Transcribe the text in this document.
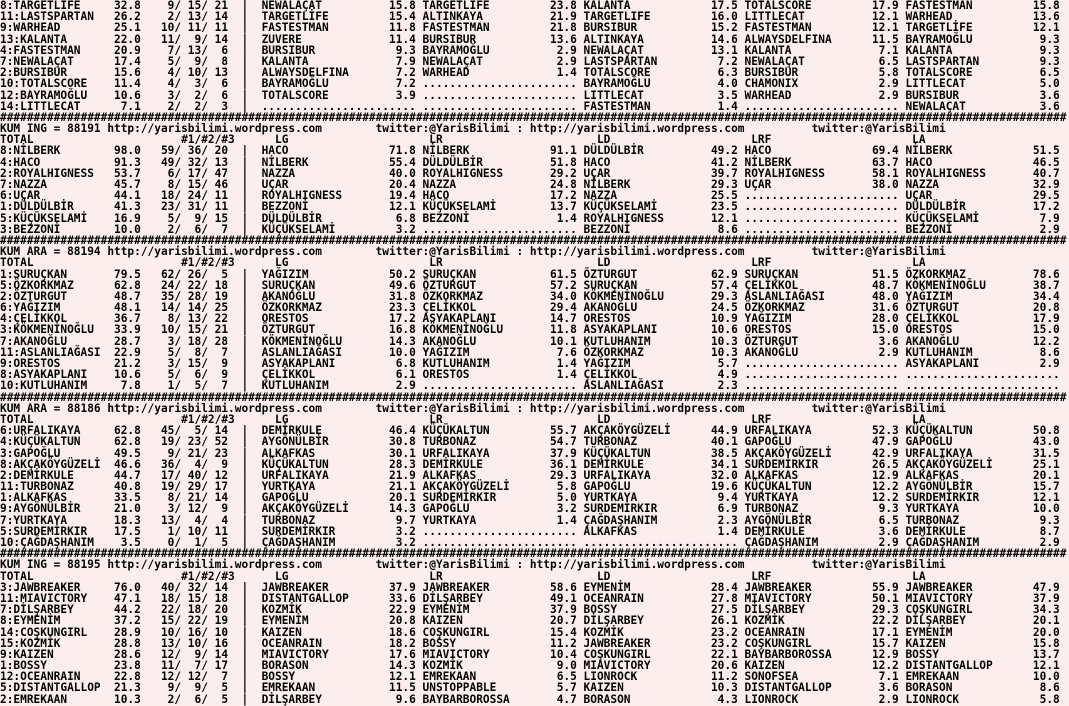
8:TARGETLIFE     32.8    9/ 15/ 21  |  NEWALAÇAT          15.8 TARGETLIFE         23.8 KALANTA            17.5 TOTALSCORE         17.9 FASTESTMAN         15.8
11:LASTSPARTAN   26.2    2/ 13/ 14  |  TARGETLİFE         15.4 ALTINKAYA          21.9 TARGETLIFE         16.0 LITTLECAT          12.1 WARHEAD            13.6
9:WARHEAD        25.1   10/ 11/ 11  |  FASTESTMAN         11.8 FASTESTMAN         21.8 BURSIBUR           15.2 FASTESTMAN         12.1 TARGETLİFE         12.1
13:KALANTA       22.0   11/  9/ 14  |  ZUVERE             11.4 BURSIBUR           13.6 ALTINKAYA          14.6 ALWAYSDELFINA      11.5 BAYRAMOĞLU          9.3
4:FASTESTMAN     20.9    7/ 13/  6  |  BURSIBUR            9.3 BAYRAMOĞLU          2.9 NEWALAÇAT          13.1 KALANTA             7.1 KALANTA             9.3
7:NEWALAÇAT      17.4    5/  9/  8  |  KALANTA             7.9 NEWALAÇAT           2.9 LASTSPARTAN         7.2 NEWALAÇAT           6.5 LASTSPARTAN         9.3
2:BURSIBUR       15.6    4/ 10/ 13  |  ALWAYSDELFINA       7.2 WARHEAD             1.4 TOTALSCORE          6.3 BURSIBUR            5.8 TOTALSCORE          6.5
10:TOTALSCORE    11.4    4/  3/  6  |  BAYRAMOĞLU          7.2 ....................... BAYRAMOĞLU          4.0 CHAMONIX            2.9 LITTLECAT           5.0
12:BAYRAMOĞLU    10.6    3/  2/  6  |  TOTALSCORE          3.9 ....................... LITTLECAT           3.5 WARHEAD             2.9 BURSIBUR            3.6
14:LITTLECAT      7.1    2/  2/  3  |  ....................... ....................... FASTESTMAN          1.4 ....................... NEWALAÇAT           3.6
###############################################################################################################################################################
KUM ING = 88191 http://yarisbilimi.wordpress.com        twitter:@YarisBilimi : http://yarisbilimi.wordpress.com          twitter:@YarisBilimi
TOTAL                      #1/#2/#3      LG                     LR                       LD                     LRF                     LA
8:NİLBERK        98.0   59/ 36/ 20  |  HACO               71.8 NİLBERK            91.1 DÜLDÜLBİR          49.2 HACO               69.4 NİLBERK            51.5
4:HACO           91.3   49/ 32/ 13  |  NİLBERK            55.4 DÜLDÜLBİR          51.8 HACO               41.2 NİLBERK            63.7 HACO               46.5
2:ROYALHIGNESS   53.7    6/ 17/ 47  |  NAZZA              40.0 ROYALHIGNESS       29.2 UÇAR               39.7 ROYALHIGNESS       58.1 ROYALHIGNESS       40.7
7:NAZZA          45.7    8/ 15/ 46  |  UÇAR               20.4 NAZZA              24.8 NİLBERK            29.3 UÇAR               38.0 NAZZA              32.9
6:UÇAR           44.1   18/ 24/ 11  |  ROYALHIGNESS       19.4 HACO               17.2 NAZZA              25.5 ....................... UÇAR               29.5
1:DÜLDÜLBİR      41.3   23/ 31/ 11  |  BEZZONİ            12.1 KÜÇÜKSELAMİ        13.7 KÜÇÜKSELAMİ        23.5 ....................... DÜLDÜLBİR          17.2
5:KÜÇÜKSELAMİ    16.9    5/  9/ 15  |  DÜLDÜLBİR           6.8 BEZZONİ             1.4 ROYALHIGNESS       12.1 ....................... KÜÇÜKSELAMİ         7.9
3:BEZZONİ        10.0    2/  6/  7  |  KÜÇÜKSELAMİ         3.2 ....................... BEZZONİ             8.6 ....................... BEZZONİ             2.9
###############################################################################################################################################################
KUM ARA = 88194 http://yarisbilimi.wordpress.com        twitter:@YarisBilimi : http://yarisbilimi.wordpress.com          twitter:@YarisBilimi
TOTAL                      #1/#2/#3      LG                     LR                       LD                     LRF                     LA
1:SURUÇKAN       79.5   62/ 26/  5  |  YAĞIZIM            50.2 SURUÇKAN           61.5 ÖZTURGUT           62.9 SURUÇKAN           51.5 ÖZKORKMAZ          78.6
5:ÖZKORKMAZ      62.8   24/ 22/ 18  |  SURUÇKAN           49.6 ÖZTURGUT           57.2 SURUÇKAN           57.4 ÇELİKKOL           48.7 KÖKMENİNOĞLU       38.7
2:ÖZTURGUT       48.7   35/ 28/ 19  |  AKANOĞLU           31.8 ÖZKORKMAZ          34.0 KÖKMENİNOĞLU       29.3 ASLANLIAĞASI       48.0 YAĞIZIM            34.4
6:YAĞIZIM        48.1   14/ 14/ 25  |  ÖZKORKMAZ          23.3 ÇELİKKOL           29.4 AKANOĞLU           24.5 ÖZKORKMAZ          31.6 ÖZTURGUT           20.8
4:ÇELİKKOL       36.7    8/ 13/ 22  |  ORESTOS            17.2 ASYAKAPLANI        14.7 ORESTOS            10.9 YAĞIZIM            28.0 ÇELİKKOL           17.9
3:KÖKMENİNOĞLU   33.9   10/ 15/ 21  |  ÖZTURGUT           16.8 KÖKMENİNOĞLU       11.8 ASYAKAPLANI        10.6 ORESTOS            15.0 ORESTOS            15.0
7:AKANOĞLU       28.7    3/ 18/ 28  |  KÖKMENİNOĞLU       14.3 AKANOĞLU           10.1 KUTLUHANIM         10.3 ÖZTURGUT            3.6 AKANOĞLU           12.2
11:ASLANLIAĞASI  22.9    5/  8/  7  |  ASLANLIAĞASI       10.0 YAĞIZIM             7.6 ÖZKORKMAZ          10.3 AKANOĞLU            2.9 KUTLUHANIM          8.6
9:ORESTOS        21.2    3/ 15/  9  |  ASYAKAPLANI         6.8 KUTLUHANIM          1.4 YAĞIZIM             5.7 ....................... ASYAKAPLANI         2.9
8:ASYAKAPLANI    10.6    5/  6/  9  |  ÇELİKKOL            6.1 ORESTOS             1.4 ÇELİKKOL            4.9 ....................... .......................
10:KUTLUHANIM     7.8    1/  5/  7  |  KUTLUHANIM          2.9 ....................... ASLANLIAĞASI        2.3 ....................... .......................
###############################################################################################################################################################
KUM ARA = 88186 http://yarisbilimi.wordpress.com        twitter:@YarisBilimi : http://yarisbilimi.wordpress.com          twitter:@YarisBilimi
TOTAL                      #1/#2/#3      LG                     LR                       LD                     LRF                     LA
6:URFALIKAYA     62.8   45/  5/ 14  |  DEMİRKULE          46.4 KÜÇÜKALTUN         55.7 AKÇAKÖYGÜZELİ      44.9 URFALIKAYA         52.3 KÜÇÜKALTUN         50.8
4:KÜÇÜKALTUN     62.8   19/ 23/ 52  |  AYGÖNÜLBİR         30.8 TURBONAZ           54.7 TURBONAZ           40.1 GAPOĞLU            47.9 GAPOĞLU            43.0
3:GAPOĞLU        49.5    9/ 21/ 23  |  ALKAFKAS           30.1 URFALIKAYA         37.9 KÜÇÜKALTUN         38.5 AKÇAKÖYGÜZELİ      42.9 URFALIKAYA         31.5
8:AKÇAKÖYGÜZELİ  46.6   36/  4/  9  |  KÜÇÜKALTUN         28.3 DEMİRKULE          36.1 DEMİRKULE          34.1 SURDEMİRKIR        26.5 AKÇAKÖYGÜZELİ      25.1
2:DEMİRKULE      44.7   17/ 40/ 12  |  URFALIKAYA         21.9 ALKAFKAS           29.3 URFALIKAYA         32.0 ALKAFKAS           12.9 ALKAFKAS           20.1
11:TURBONAZ      40.8   19/ 29/ 17  |  YURTKAYA           21.1 AKÇAKÖYGÜZELİ       5.8 GAPOĞLU            19.6 KÜÇÜKALTUN         12.2 AYGÖNÜLBİR         15.7
1:ALKAFKAS       33.5    8/ 21/ 14  |  GAPOĞLU            20.1 SURDEMİRKIR         5.0 YURTKAYA            9.4 YURTKAYA           12.2 SURDEMİRKIR        12.1
9:AYGÖNÜLBİR     21.0    3/ 12/  9  |  AKÇAKÖYGÜZELİ      14.3 GAPOĞLU             3.2 SURDEMİRKIR         6.9 TURBONAZ            9.3 YURTKAYA           10.0
7:YURTKAYA       18.3   13/  4/  4  |  TURBONAZ            9.7 YURTKAYA            1.4 ÇAĞDAŞHANIM         2.3 AYGÖNÜLBİR          6.5 TURBONAZ            9.3
5:SURDEMİRKIR    17.5    1/ 10/ 11  |  SURDEMİRKIR         3.2 ....................... ALKAFKAS            1.4 DEMİRKULE           3.6 DEMİRKULE           8.7
10:ÇAĞDAŞHANIM    3.5    0/  1/  5  |  ÇAĞDAŞHANIM         3.2 ....................... ....................... ÇAĞDAŞHANIM         2.9 ÇAĞDAŞHANIM         2.9
###############################################################################################################################################################
KUM ING = 88195 http://yarisbilimi.wordpress.com        twitter:@YarisBilimi : http://yarisbilimi.wordpress.com          twitter:@YarisBilimi
TOTAL                      #1/#2/#3      LG                     LR                       LD                     LRF                     LA
3:JAWBREAKER     76.0   40/ 32/ 14  |  JAWBREAKER         37.9 JAWBREAKER         58.6 EYMENİM            28.4 JAWBREAKER         55.9 JAWBREAKER         47.9
11:MIAVICTORY    47.1   18/ 15/ 18  |  DISTANTGALLOP      33.6 DİLŞARBEY          49.1 OCEANRAIN          27.8 MIAVICTORY         50.1 MIAVICTORY         37.9
7:DİLŞARBEY      44.2   22/ 18/ 20  |  KOZMİK             22.9 EYMENİM            37.9 BOSSY              27.5 DİLŞARBEY          29.3 COŞKUNGIRL         34.3
8:EYMENİM        37.2   15/ 22/ 19  |  EYMENİM            20.8 KAIZEN             20.7 DİLŞARBEY          26.1 KOZMİK             22.2 DİLŞARBEY          20.1
14:COŞKUNGIRL    28.9   10/ 16/ 10  |  KAIZEN             18.6 COŞKUNGIRL         15.4 KOZMİK             23.2 OCEANRAIN          17.1 EYMENİM            20.0
15:KOZMİK        28.8   13/ 10/ 16  |  OCEANRAIN          18.2 BOSSY              11.2 JAWBREAKER         23.2 COŞKUNGIRL         15.7 KAIZEN             15.8
9:KAIZEN         28.6   12/  9/ 14  |  MIAVICTORY         17.6 MIAVICTORY         10.4 COŞKUNGIRL         22.1 BAYBARBOROSSA      12.9 BOSSY              13.7
1:BOSSY          23.8   11/  7/ 17  |  BORASON            14.3 KOZMİK              9.0 MIAVICTORY         20.6 KAIZEN             12.2 DISTANTGALLOP      12.1
12:OCEANRAIN     22.8   12/ 12/  7  |  BOSSY              12.1 EMREKAAN            6.5 LIONROCK           11.2 SONOFSEA            7.1 EMREKAAN           10.0
5:DISTANTGALLOP  21.3    9/  9/  5  |  EMREKAAN           11.5 UNSTOPPABLE         5.7 KAIZEN             10.3 DISTANTGALLOP       3.6 BORASON             8.6
2:EMREKAAN       10.3    2/  6/  5  |  DİLŞARBEY           9.6 BAYBARBOROSSA       4.7 BORASON             4.3 LIONROCK            2.9 LIONROCK            5.8
